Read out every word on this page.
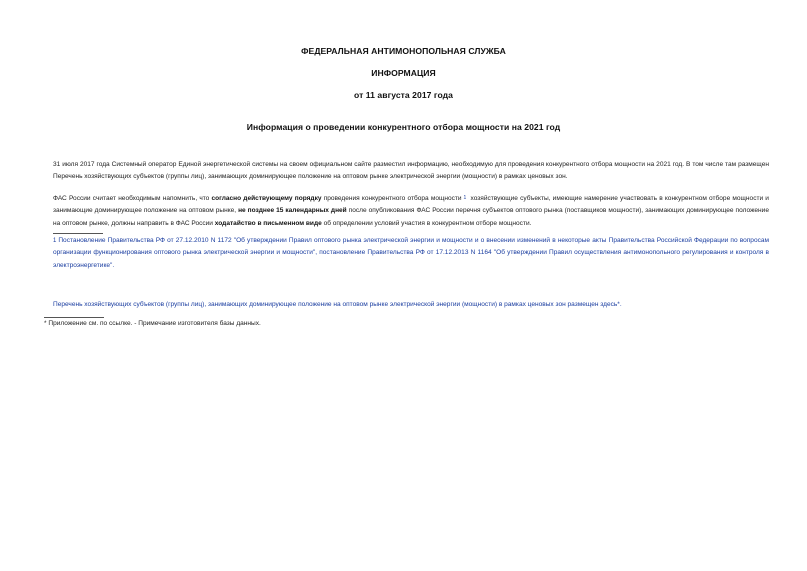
ФЕДЕРАЛЬНАЯ АНТИМОНОПОЛЬНАЯ СЛУЖБА
ИНФОРМАЦИЯ
от 11 августа 2017 года
Информация о проведении конкурентного отбора мощности на 2021 год
31 июля 2017 года Системный оператор Единой энергетической системы на своем официальном сайте разместил информацию, необходимую для проведения конкурентного отбора мощности на 2021 год. В том числе там размещен Перечень хозяйствующих субъектов (группы лиц), занимающих доминирующее положение на оптовом рынке электрической энергии (мощности) в рамках ценовых зон.
ФАС России считает необходимым напомнить, что согласно действующему порядку проведения конкурентного отбора мощности 1 хозяйствующие субъекты, имеющие намерение участвовать в конкурентном отборе мощности и занимающие доминирующее положение на оптовом рынке, не позднее 15 календарных дней после опубликования ФАС России перечня субъектов оптового рынка (поставщиков мощности), занимающих доминирующее положение на оптовом рынке, должны направить в ФАС России ходатайство в письменном виде об определении условий участия в конкурентном отборе мощности.
1 Постановление Правительства РФ от 27.12.2010 N 1172 "Об утверждении Правил оптового рынка электрической энергии и мощности и о внесении изменений в некоторые акты Правительства Российской Федерации по вопросам организации функционирования оптового рынка электрической энергии и мощности", постановление Правительства РФ от 17.12.2013 N 1164 "Об утверждении Правил осуществления антимонопольного регулирования и контроля в электроэнергетике".
Перечень хозяйствующих субъектов (группы лиц), занимающих доминирующее положение на оптовом рынке электрической энергии (мощности) в рамках ценовых зон размещен здесь*.
* Приложение см. по ссылке. - Примечание изготовителя базы данных.
